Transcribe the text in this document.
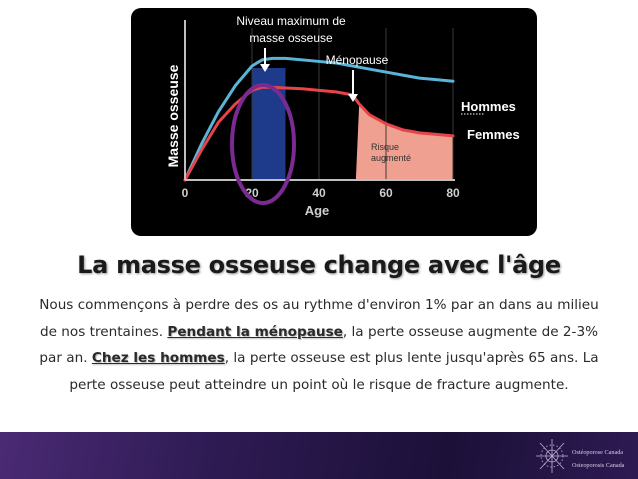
Masse osseuse
Age
0	20	40	60	80
Niveau maximum de
masse osseuse
Ménopause
Risque
augmenté
Hommes
Femmes
La masse osseuse change avec l'âge
Nous commençons à perdre des os au rythme d'environ 1% par an dans au milieu de nos trentaines. Pendant la ménopause, la perte osseuse augmente de 2-3% par an. Chez les hommes, la perte osseuse est plus lente jusqu'après 65 ans. La perte osseuse peut atteindre un point où le risque de fracture augmente.
Ostéoporose Canada
Osteoporosis Canada
